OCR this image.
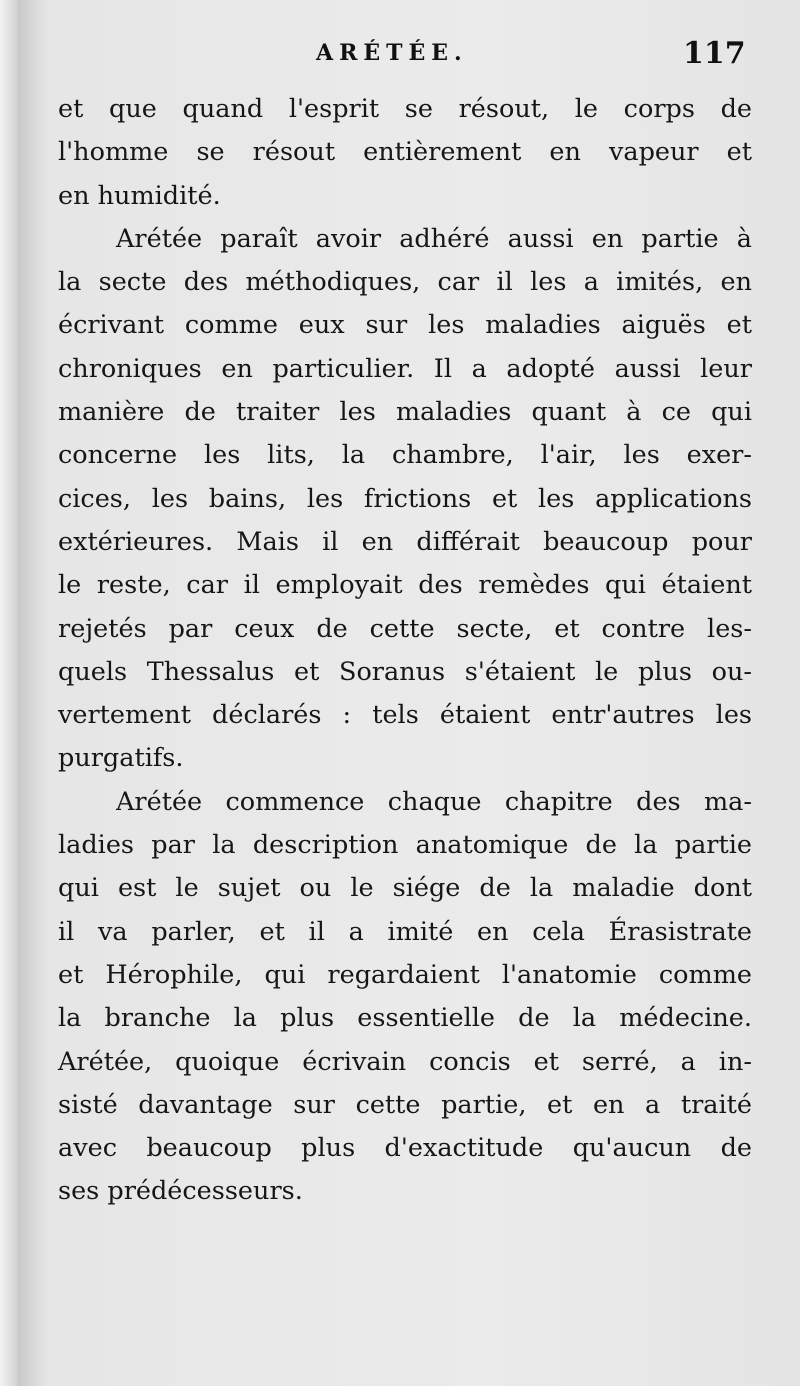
ARÉTÉE.	117
et que quand l'esprit se résout, le corps de
l'homme se résout entièrement en vapeur et
en humidité.
Arétée paraît avoir adhéré aussi en partie à
la secte des méthodiques, car il les a imités, en
écrivant comme eux sur les maladies aiguës et
chroniques en particulier. Il a adopté aussi leur
manière de traiter les maladies quant à ce qui
concerne les lits, la chambre, l'air, les exer-
cices, les bains, les frictions et les applications
extérieures. Mais il en différait beaucoup pour
le reste, car il employait des remèdes qui étaient
rejetés par ceux de cette secte, et contre les-
quels Thessalus et Soranus s'étaient le plus ou-
vertement déclarés : tels étaient entr'autres les
purgatifs.
Arétée commence chaque chapitre des ma-
ladies par la description anatomique de la partie
qui est le sujet ou le siége de la maladie dont
il va parler, et il a imité en cela Érasistrate
et Hérophile, qui regardaient l'anatomie comme
la branche la plus essentielle de la médecine.
Arétée, quoique écrivain concis et serré, a in-
sisté davantage sur cette partie, et en a traité
avec beaucoup plus d'exactitude qu'aucun de
ses prédécesseurs.
